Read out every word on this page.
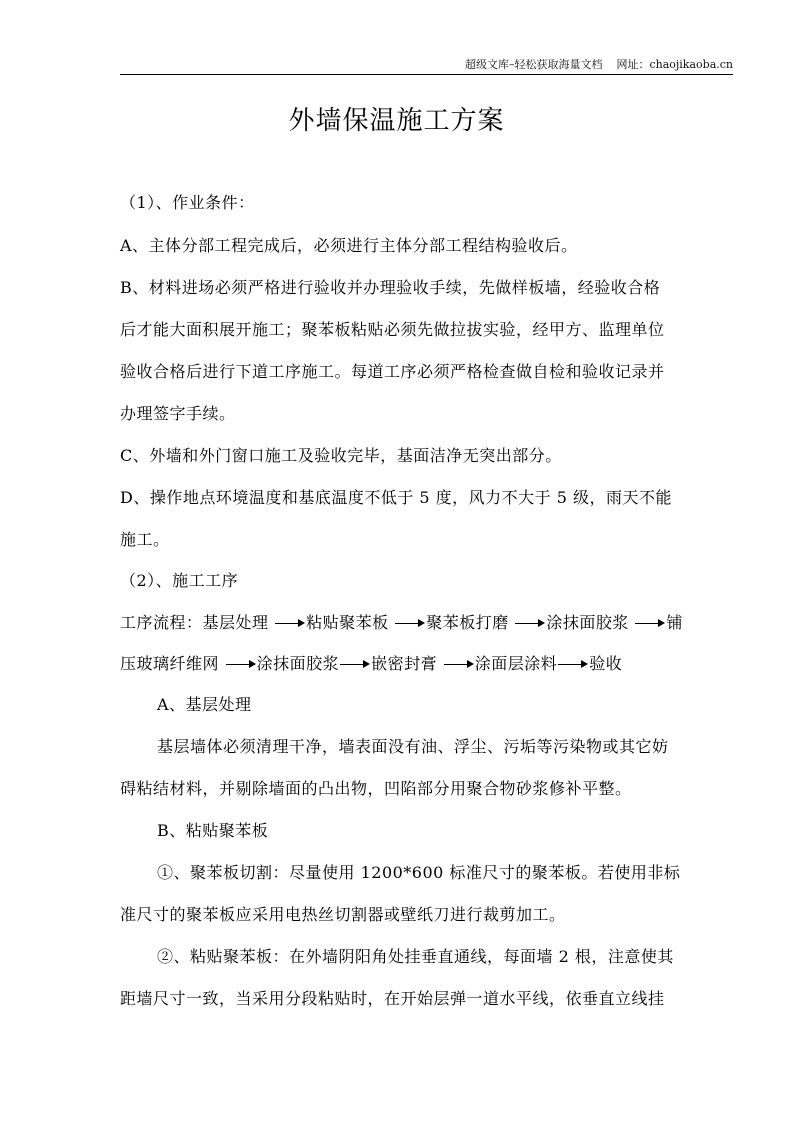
超级文库–轻松获取海量文档 网址：chaojikaoba.cn
外墙保温施工方案
（1）、作业条件：
A、主体分部工程完成后，必须进行主体分部工程结构验收后。
B、材料进场必须严格进行验收并办理验收手续，先做样板墙，经验收合格
后才能大面积展开施工；聚苯板粘贴必须先做拉拔实验，经甲方、监理单位
验收合格后进行下道工序施工。每道工序必须严格检查做自检和验收记录并
办理签字手续。
C、外墙和外门窗口施工及验收完毕，基面洁净无突出部分。
D、操作地点环境温度和基底温度不低于 5 度，风力不大于 5 级，雨天不能
施工。
（2）、施工工序
工序流程：基层处理 粘贴聚苯板 聚苯板打磨 涂抹面胶浆 铺
压玻璃纤维网 涂抹面胶浆 嵌密封膏 涂面层涂料 验收
A、基层处理
基层墙体必须清理干净，墙表面没有油、浮尘、污垢等污染物或其它妨
碍粘结材料，并剔除墙面的凸出物，凹陷部分用聚合物砂浆修补平整。
B、粘贴聚苯板
①、聚苯板切割：尽量使用 1200*600 标准尺寸的聚苯板。若使用非标
准尺寸的聚苯板应采用电热丝切割器或壁纸刀进行裁剪加工。
②、粘贴聚苯板：在外墙阴阳角处挂垂直通线，每面墙 2 根，注意使其
距墙尺寸一致，当采用分段粘贴时，在开始层弹一道水平线，依垂直立线挂
